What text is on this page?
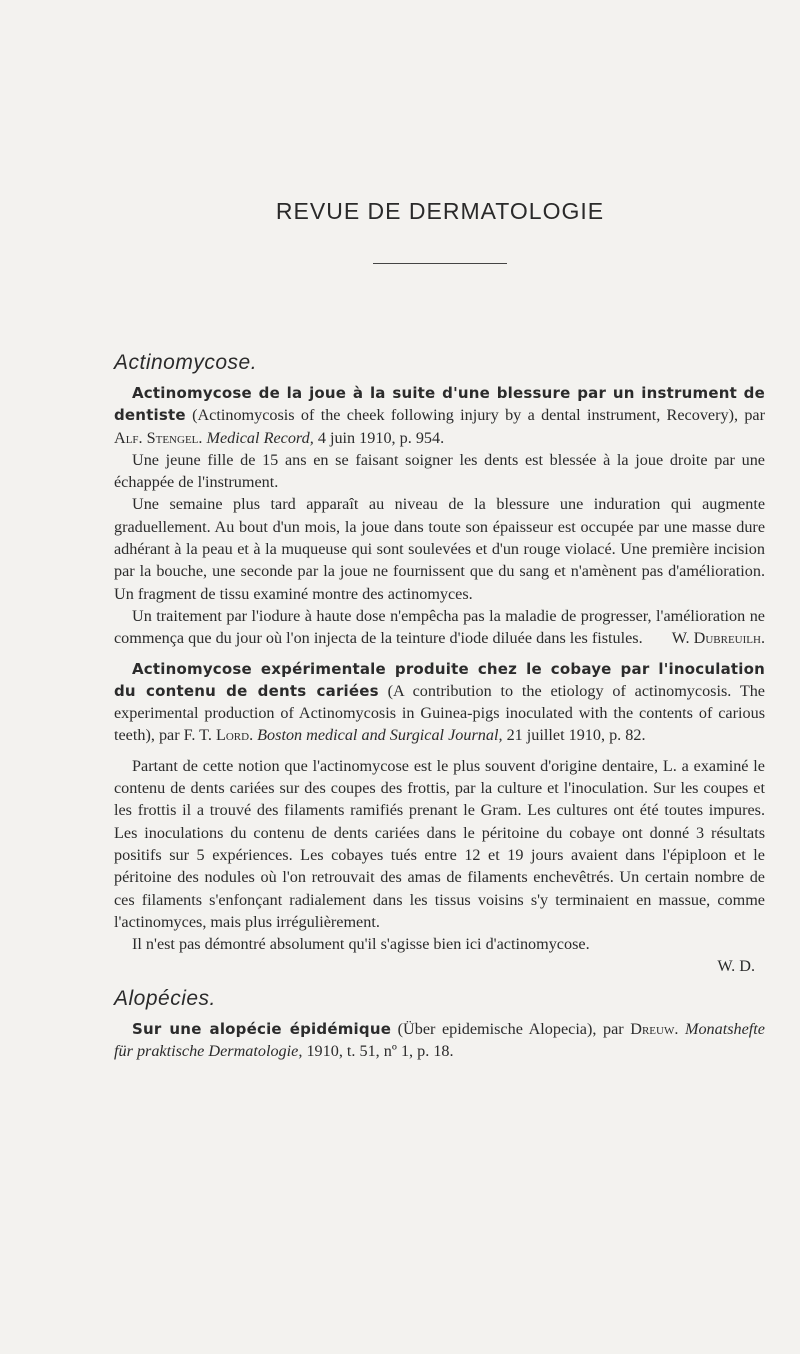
REVUE DE DERMATOLOGIE
Actinomycose.

Actinomycose de la joue à la suite d'une blessure par un instrument de dentiste (Actinomycosis of the cheek following injury by a dental instrument, Recovery), par Alf. Stengel. Medical Record, 4 juin 1910, p. 954.

Une jeune fille de 15 ans en se faisant soigner les dents est blessée à la joue droite par une échappée de l'instrument.

Une semaine plus tard apparaît au niveau de la blessure une induration qui augmente graduellement. Au bout d'un mois, la joue dans toute son épaisseur est occupée par une masse dure adhérant à la peau et à la muqueuse qui sont soulevées et d'un rouge violacé. Une première incision par la bouche, une seconde par la joue ne fournissent que du sang et n'amènent pas d'amélioration. Un fragment de tissu examiné montre des actinomyces.

Un traitement par l'iodure à haute dose n'empêcha pas la maladie de progresser, l'amélioration ne commença que du jour où l'on injecta de la teinture d'iode diluée dans les fistules.	W. Dubreuilh.

Actinomycose expérimentale produite chez le cobaye par l'inoculation du contenu de dents cariées (A contribution to the etiology of actinomycosis. The experimental production of Actinomycosis in Guinea-pigs inoculated with the contents of carious teeth), par F. T. Lord. Boston medical and Surgical Journal, 21 juillet 1910, p. 82.

Partant de cette notion que l'actinomycose est le plus souvent d'origine dentaire, L. a examiné le contenu de dents cariées sur des coupes des frottis, par la culture et l'inoculation. Sur les coupes et les frottis il a trouvé des filaments ramifiés prenant le Gram. Les cultures ont été toutes impures. Les inoculations du contenu de dents cariées dans le péritoine du cobaye ont donné 3 résultats positifs sur 5 expériences. Les cobayes tués entre 12 et 19 jours avaient dans l'épiploon et le péritoine des nodules où l'on retrouvait des amas de filaments enchevêtrés. Un certain nombre de ces filaments s'enfonçant radialement dans les tissus voisins s'y terminaient en massue, comme l'actinomyces, mais plus irrégulièrement.

Il n'est pas démontré absolument qu'il s'agisse bien ici d'actinomycose.

W. D.
Alopécies.

Sur une alopécie épidémique (Über epidemische Alopecia), par Dreuw. Monatshefte für praktische Dermatologie, 1910, t. 51, nº 1, p. 18.
